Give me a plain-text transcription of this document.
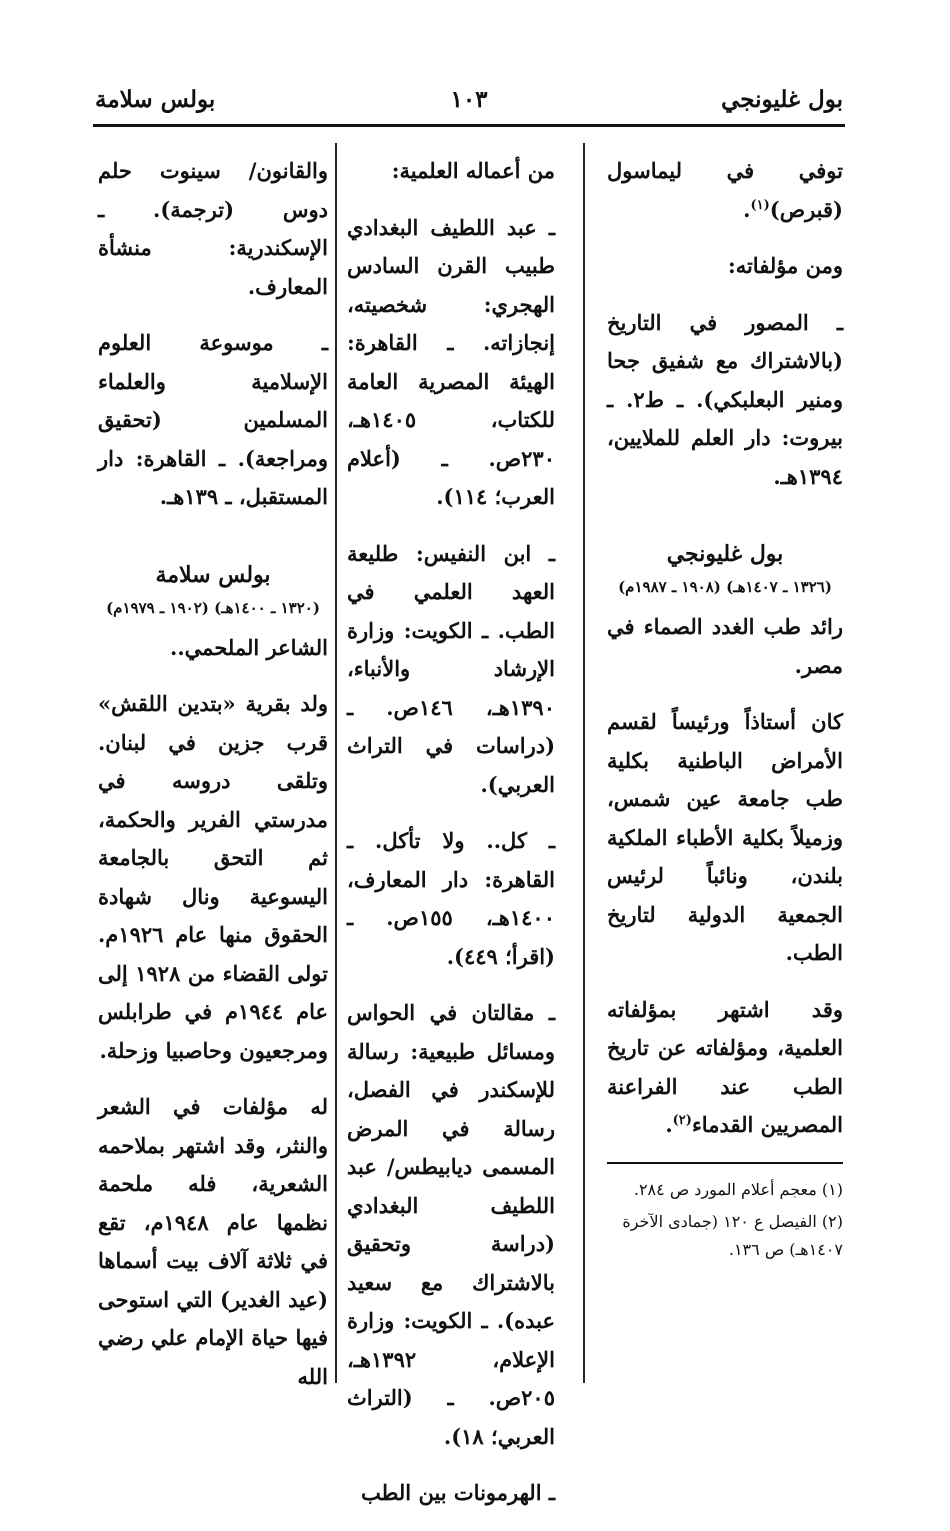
بول غليونجي
١٠٣
بولس سلامة

توفي في ليماسول (قبرص)$^{(١)}$.

ومن مؤلفاته:

ـ المصور في التاريخ (بالاشتراك مع شفيق جحا ومنير البعلبكي). ـ ط٢. ـ بيروت: دار العلم للملايين، ١٣٩٤هـ.

بول غليونجي
(١٣٢٦ ـ ١٤٠٧هـ) (١٩٠٨ ـ ١٩٨٧م)

رائد طب الغدد الصماء في مصر.

كان أستاذاً ورئيساً لقسم الأمراض الباطنية بكلية طب جامعة عين شمس، وزميلاً بكلية الأطباء الملكية بلندن، ونائباً لرئيس الجمعية الدولية لتاريخ الطب.

وقد اشتهر بمؤلفاته العلمية، ومؤلفاته عن تاريخ الطب عند الفراعنة المصريين القدماء$^{(٢)}$.

(١) معجم أعلام المورد ص ٢٨٤.
(٢) الفيصل ع ١٢٠ (جمادى الآخرة ١٤٠٧هـ) ص ١٣٦.

من أعماله العلمية:

ـ عبد اللطيف البغدادي طبيب القرن السادس الهجري: شخصيته، إنجازاته. ـ القاهرة: الهيئة المصرية العامة للكتاب، ١٤٠٥هـ، ٢٣٠ص. ـ (أعلام العرب؛ ١١٤).

ـ ابن النفيس: طليعة العهد العلمي في الطب. ـ الكويت: وزارة الإرشاد والأنباء، ١٣٩٠هـ، ١٤٦ص. ـ (دراسات في التراث العربي).

ـ كل.. ولا تأكل. ـ القاهرة: دار المعارف، ١٤٠٠هـ، ١٥٥ص. ـ (اقرأ؛ ٤٤٩).

ـ مقالتان في الحواس ومسائل طبيعية: رسالة للإسكندر في الفصل، رسالة في المرض المسمى ديابيطس/ عبد اللطيف البغدادي (دراسة وتحقيق بالاشتراك مع سعيد عبده). ـ الكويت: وزارة الإعلام، ١٣٩٢هـ، ٢٠٥ص. ـ (التراث العربي؛ ١٨).

ـ الهرمونات بين الطب

والقانون/ سينوت حلم دوس (ترجمة). ـ الإسكندرية: منشأة المعارف.

ـ موسوعة العلوم الإسلامية والعلماء المسلمين (تحقيق ومراجعة). ـ القاهرة: دار المستقبل، ـ ١٣٩هـ.

بولس سلامة
(١٣٢٠ ـ ١٤٠٠هـ) (١٩٠٢ ـ ١٩٧٩م)

الشاعر الملحمي..

ولد بقرية «بتدين اللقش» قرب جزين في لبنان. وتلقى دروسه في مدرستي الفرير والحكمة، ثم التحق بالجامعة اليسوعية ونال شهادة الحقوق منها عام ١٩٢٦م. تولى القضاء من ١٩٢٨ إلى عام ١٩٤٤م في طرابلس ومرجعيون وحاصبيا وزحلة.

له مؤلفات في الشعر والنثر، وقد اشتهر بملاحمه الشعرية، فله ملحمة نظمها عام ١٩٤٨م، تقع في ثلاثة آلاف بيت أسماها (عيد الغدير) التي استوحى فيها حياة الإمام علي رضي الله
